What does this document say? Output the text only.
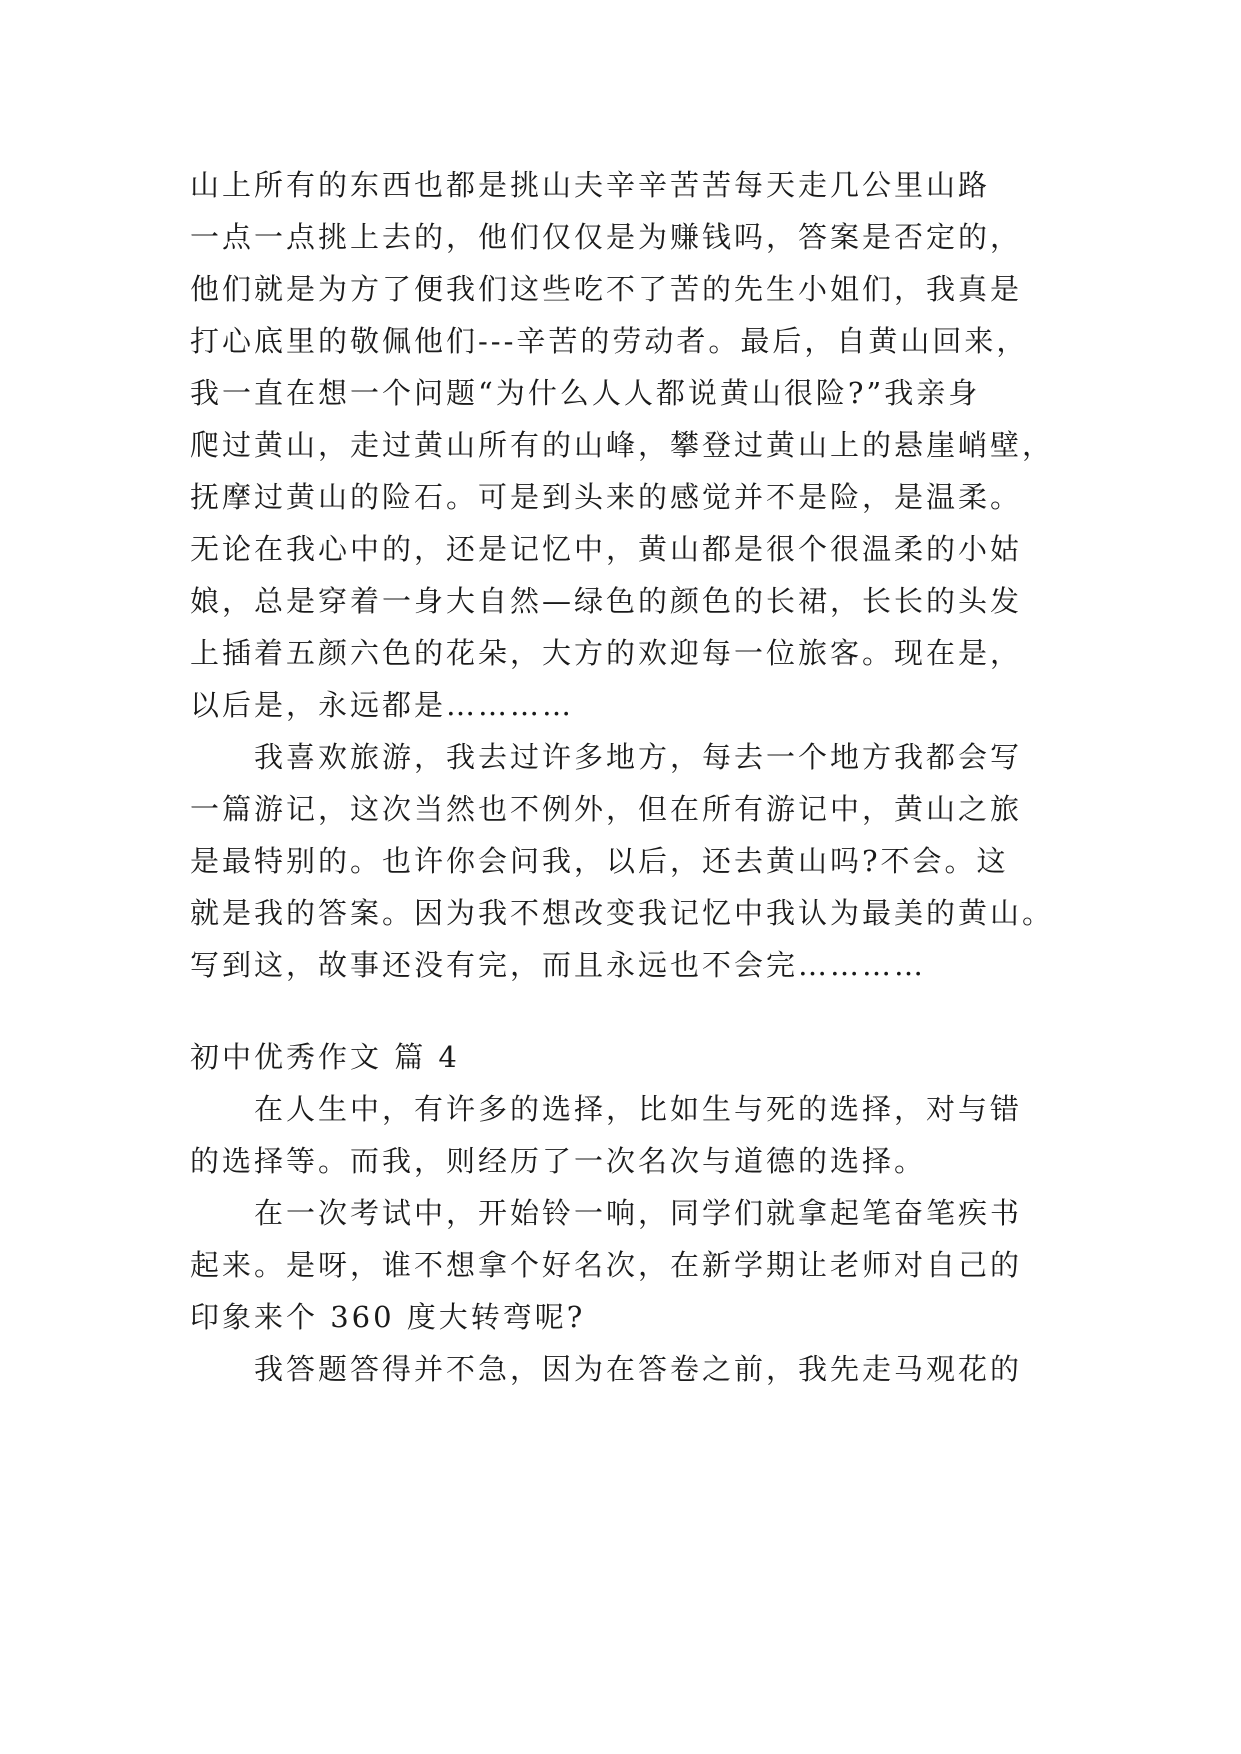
山上所有的东西也都是挑山夫辛辛苦苦每天走几公里山路
一点一点挑上去的，他们仅仅是为赚钱吗，答案是否定的，
他们就是为方了便我们这些吃不了苦的先生小姐们，我真是
打心底里的敬佩他们---辛苦的劳动者。最后，自黄山回来，
我一直在想一个问题“为什么人人都说黄山很险?”我亲身
爬过黄山，走过黄山所有的山峰，攀登过黄山上的悬崖峭壁，
抚摩过黄山的险石。可是到头来的感觉并不是险，是温柔。
无论在我心中的，还是记忆中，黄山都是很个很温柔的小姑
娘，总是穿着一身大自然—绿色的颜色的长裙，长长的头发
上插着五颜六色的花朵，大方的欢迎每一位旅客。现在是，
以后是，永远都是…………
我喜欢旅游，我去过许多地方，每去一个地方我都会写
一篇游记，这次当然也不例外，但在所有游记中，黄山之旅
是最特别的。也许你会问我，以后，还去黄山吗?不会。这
就是我的答案。因为我不想改变我记忆中我认为最美的黄山。
写到这，故事还没有完，而且永远也不会完…………
初中优秀作文 篇 4
在人生中，有许多的选择，比如生与死的选择，对与错
的选择等。而我，则经历了一次名次与道德的选择。
在一次考试中，开始铃一响，同学们就拿起笔奋笔疾书
起来。是呀，谁不想拿个好名次，在新学期让老师对自己的
印象来个 360 度大转弯呢?
我答题答得并不急，因为在答卷之前，我先走马观花的
